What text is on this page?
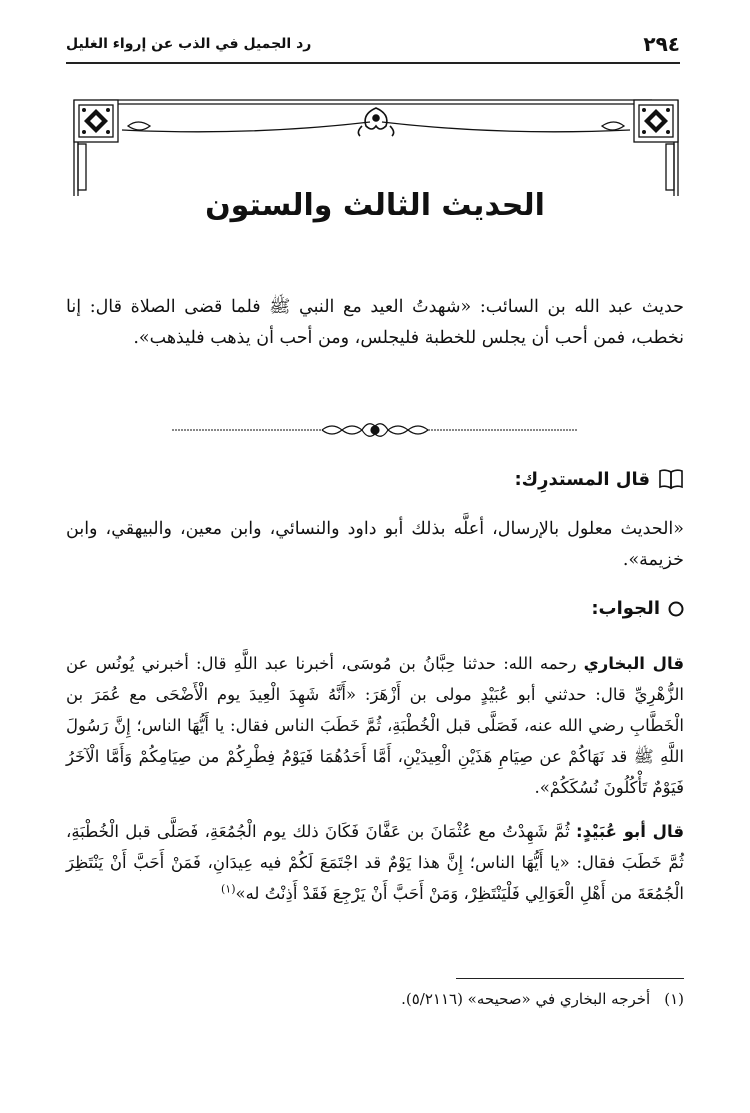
٢٩٤
رد الجميل في الذب عن إرواء الغليل
الحديث الثالث والستون

حديث عبد الله بن السائب: «شهدتُ العيد مع النبي ﷺ فلما قضى الصلاة قال: إنا نخطب، فمن أحب أن يجلس للخطبة فليجلس، ومن أحب أن يذهب فليذهب».

قال المستدرِك:

«الحديث معلول بالإرسال، أعلَّه بذلك أبو داود والنسائي، وابن معين، والبيهقي، وابن خزيمة».

الجواب:

قال البخاري رحمه الله: حدثنا حِبَّانُ بن مُوسَى، أخبرنا عبد اللَّهِ قال: أخبرني يُونُس عن الزُّهْرِيِّ قال: حدثني أبو عُبَيْدٍ مولى بن أَزْهَرَ: «أَنَّهُ شَهِدَ الْعِيدَ يوم الْأَضْحَى مع عُمَرَ بن الْخَطَّابِ رضي الله عنه، فَصَلَّى قبل الْخُطْبَةِ، ثُمَّ خَطَبَ الناس فقال: يا أَيُّهَا الناس؛ إِنَّ رَسُولَ اللَّهِ ﷺ قد نَهَاكُمْ عن صِيَامِ هَذَيْنِ الْعِيدَيْنِ، أَمَّا أَحَدُهُمَا فَيَوْمُ فِطْرِكُمْ من صِيَامِكُمْ وَأَمَّا الْآخَرُ فَيَوْمٌ تَأْكُلُونَ نُسُكَكُمْ».

قال أبو عُبَيْدٍ: ثُمَّ شَهِدْتُ مع عُثْمَانَ بن عَفَّانَ فَكَانَ ذلك يوم الْجُمُعَةِ، فَصَلَّى قبل الْخُطْبَةِ، ثُمَّ خَطَبَ فقال: «يا أَيُّهَا الناس؛ إِنَّ هذا يَوْمٌ قد اجْتَمَعَ لَكُمْ فيه عِيدَانِ، فَمَنْ أَحَبَّ أَنْ يَنْتَظِرَ الْجُمُعَةَ من أَهْلِ الْعَوَالِي فَلْيَنْتَظِرْ، وَمَنْ أَحَبَّ أَنْ يَرْجِعَ فَقَدْ أَذِنْتُ له»$^{(١)}$

(١)
أخرجه البخاري في «صحيحه» (٥/٢١١٦).
